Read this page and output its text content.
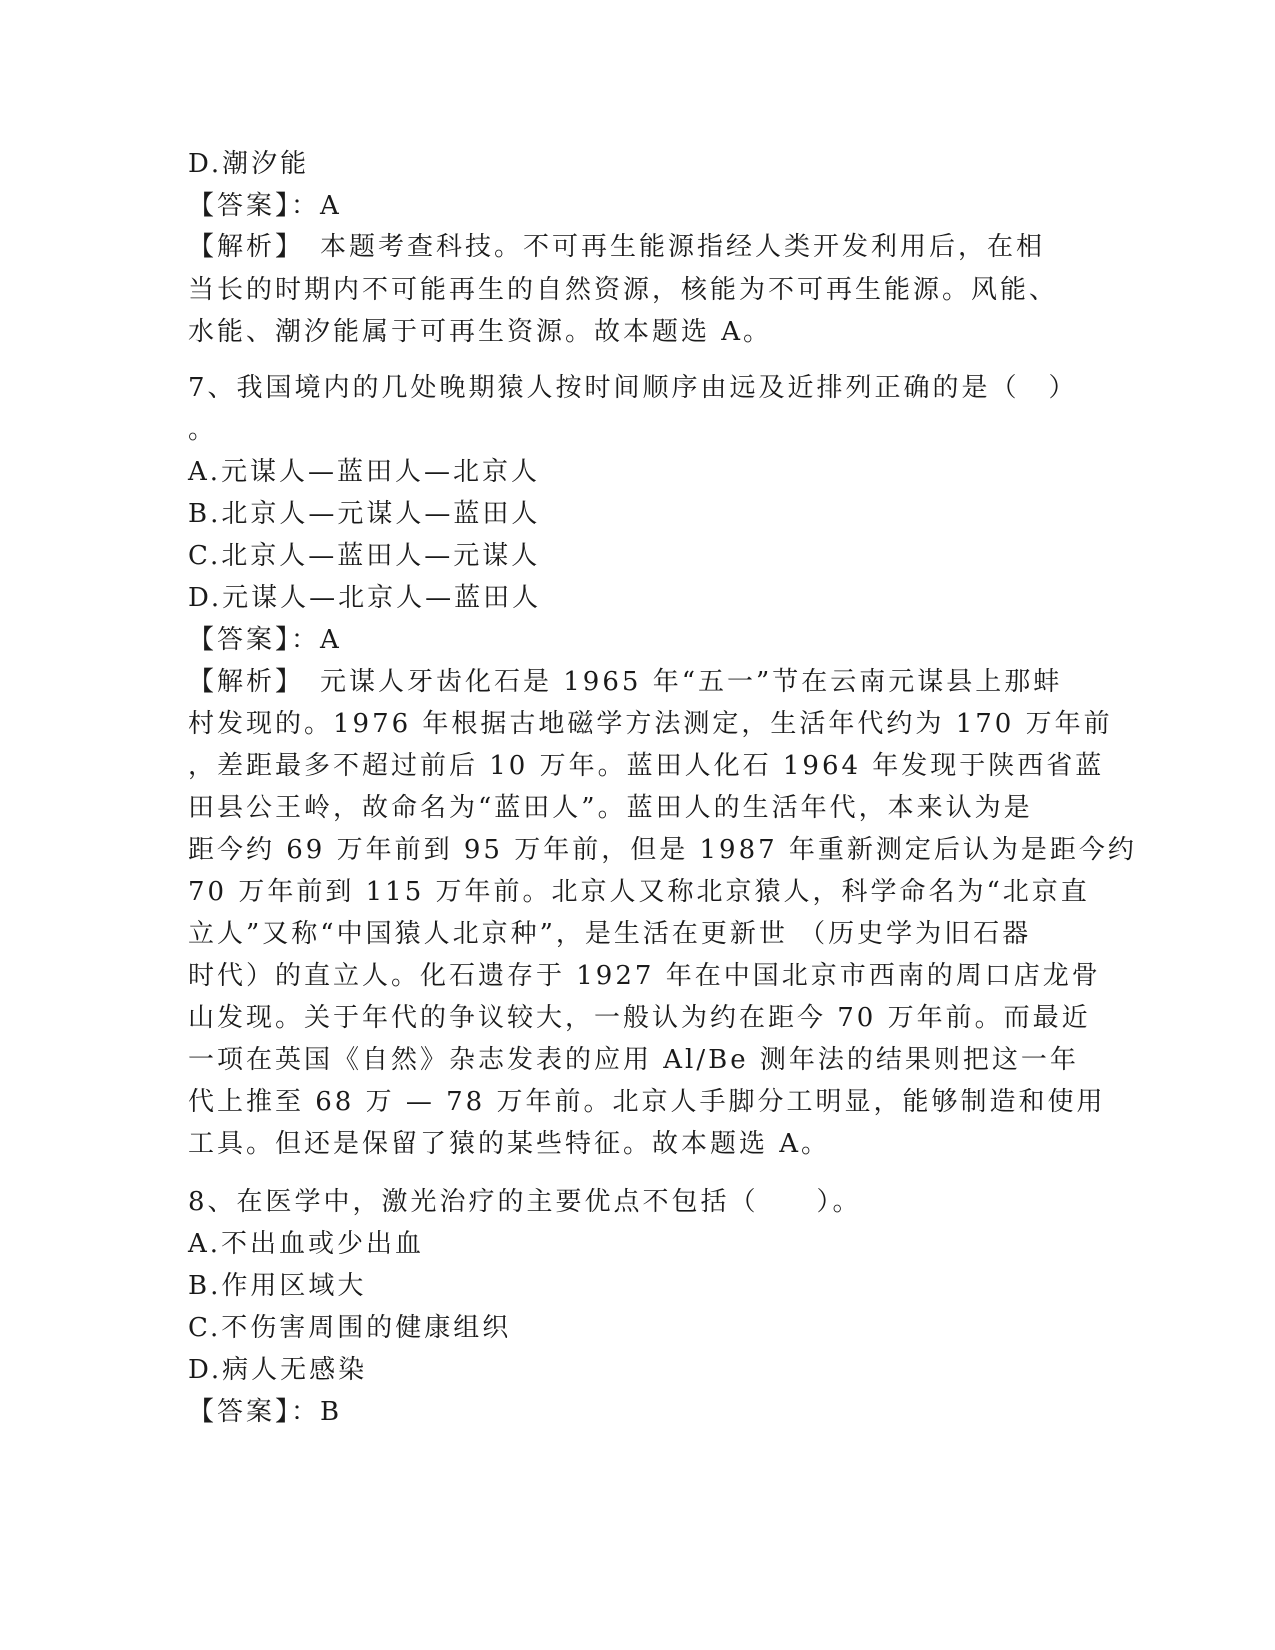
D.潮汐能
【答案】：A
【解析】　本题考查科技。不可再生能源指经人类开发利用后，在相
当长的时期内不可能再生的自然资源，核能为不可再生能源。风能、
水能、潮汐能属于可再生资源。故本题选 A。
7、我国境内的几处晚期猿人按时间顺序由远及近排列正确的是（　）
。
A.元谋人—蓝田人—北京人
B.北京人—元谋人—蓝田人
C.北京人—蓝田人—元谋人
D.元谋人—北京人—蓝田人
【答案】：A
【解析】　元谋人牙齿化石是 1965 年“五一”节在云南元谋县上那蚌
村发现的。1976 年根据古地磁学方法测定，生活年代约为 170 万年前
，差距最多不超过前后 10 万年。蓝田人化石 1964 年发现于陕西省蓝
田县公王岭，故命名为“蓝田人”。蓝田人的生活年代，本来认为是
距今约 69 万年前到 95 万年前，但是 1987 年重新测定后认为是距今约
70 万年前到 115 万年前。北京人又称北京猿人，科学命名为“北京直
立人”又称“中国猿人北京种”，是生活在更新世 （历史学为旧石器
时代）的直立人。化石遗存于 1927 年在中国北京市西南的周口店龙骨
山发现。关于年代的争议较大，一般认为约在距今 70 万年前。而最近
一项在英国《自然》杂志发表的应用 Al/Be 测年法的结果则把这一年
代上推至 68 万 — 78 万年前。北京人手脚分工明显，能够制造和使用
工具。但还是保留了猿的某些特征。故本题选 A。
8、在医学中，激光治疗的主要优点不包括（　　）。
A.不出血或少出血
B.作用区域大
C.不伤害周围的健康组织
D.病人无感染
【答案】：B
